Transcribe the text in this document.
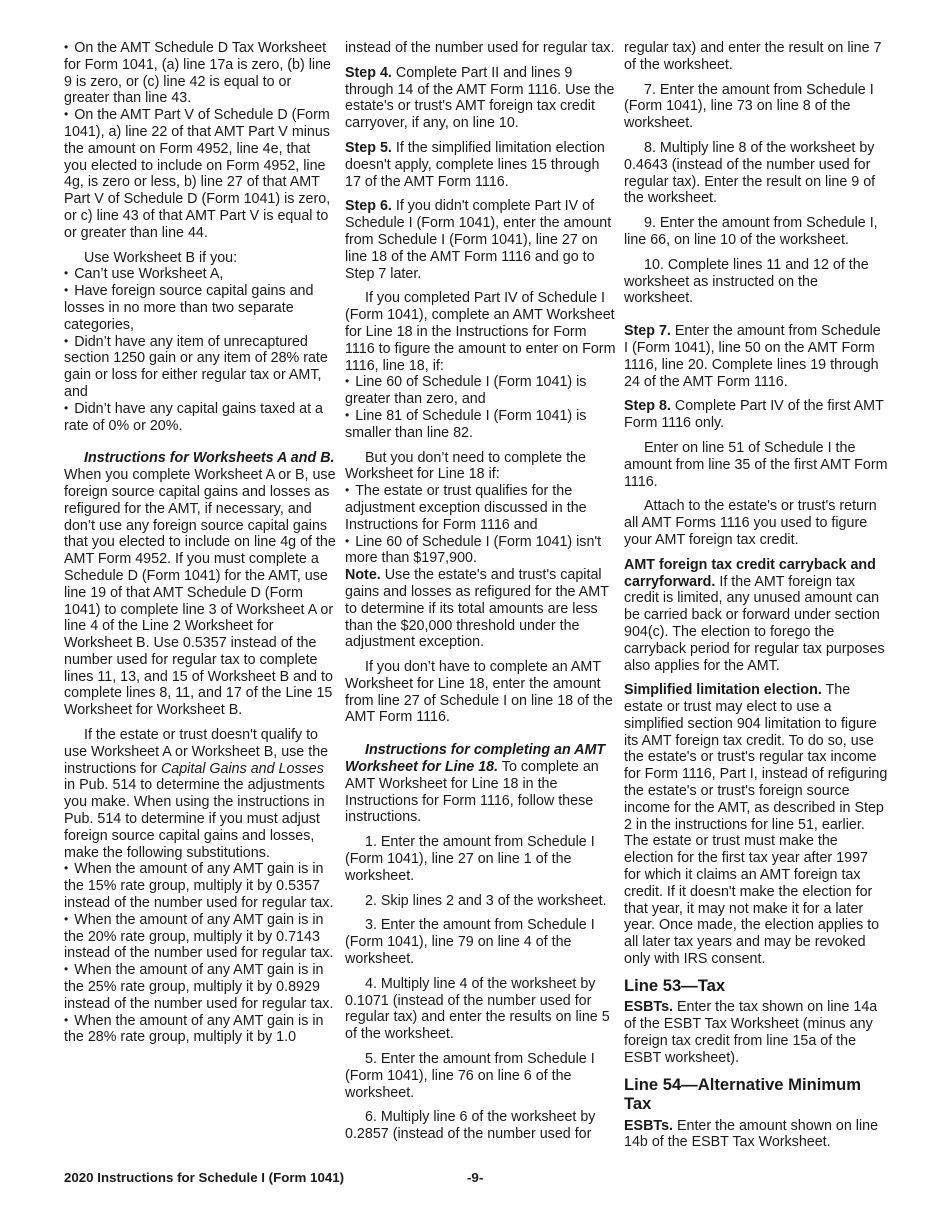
• On the AMT Schedule D Tax Worksheet for Form 1041, (a) line 17a is zero, (b) line 9 is zero, or (c) line 42 is equal to or greater than line 43.

• On the AMT Part V of Schedule D (Form 1041), a) line 22 of that AMT Part V minus the amount on Form 4952, line 4e, that you elected to include on Form 4952, line 4g, is zero or less, b) line 27 of that AMT Part V of Schedule D (Form 1041) is zero, or c) line 43 of that AMT Part V is equal to or greater than line 44.

Use Worksheet B if you:

• Can’t use Worksheet A,

• Have foreign source capital gains and losses in no more than two separate categories,

• Didn’t have any item of unrecaptured section 1250 gain or any item of 28% rate gain or loss for either regular tax or AMT, and

• Didn’t have any capital gains taxed at a rate of 0% or 20%.

Instructions for Worksheets A and B. When you complete Worksheet A or B, use foreign source capital gains and losses as refigured for the AMT, if necessary, and don’t use any foreign source capital gains that you elected to include on line 4g of the AMT Form 4952. If you must complete a Schedule D (Form 1041) for the AMT, use line 19 of that AMT Schedule D (Form 1041) to complete line 3 of Worksheet A or line 4 of the Line 2 Worksheet for Worksheet B. Use 0.5357 instead of the number used for regular tax to complete lines 11, 13, and 15 of Worksheet B and to complete lines 8, 11, and 17 of the Line 15 Worksheet for Worksheet B.

If the estate or trust doesn't qualify to use Worksheet A or Worksheet B, use the instructions for Capital Gains and Losses in Pub. 514 to determine the adjustments you make. When using the instructions in Pub. 514 to determine if you must adjust foreign source capital gains and losses, make the following substitutions.

• When the amount of any AMT gain is in the 15% rate group, multiply it by 0.5357 instead of the number used for regular tax.

• When the amount of any AMT gain is in the 20% rate group, multiply it by 0.7143 instead of the number used for regular tax.

• When the amount of any AMT gain is in the 25% rate group, multiply it by 0.8929 instead of the number used for regular tax.

• When the amount of any AMT gain is in the 28% rate group, multiply it by 1.0

instead of the number used for regular tax.

Step 4. Complete Part II and lines 9 through 14 of the AMT Form 1116. Use the estate's or trust's AMT foreign tax credit carryover, if any, on line 10.

Step 5. If the simplified limitation election doesn't apply, complete lines 15 through 17 of the AMT Form 1116.

Step 6. If you didn't complete Part IV of Schedule I (Form 1041), enter the amount from Schedule I (Form 1041), line 27 on line 18 of the AMT Form 1116 and go to Step 7 later.

If you completed Part IV of Schedule I (Form 1041), complete an AMT Worksheet for Line 18 in the Instructions for Form 1116 to figure the amount to enter on Form 1116, line 18, if:

• Line 60 of Schedule I (Form 1041) is greater than zero, and

• Line 81 of Schedule I (Form 1041) is smaller than line 82.

But you don’t need to complete the Worksheet for Line 18 if:

• The estate or trust qualifies for the adjustment exception discussed in the Instructions for Form 1116 and

• Line 60 of Schedule I (Form 1041) isn't more than $197,900.

Note. Use the estate's and trust's capital gains and losses as refigured for the AMT to determine if its total amounts are less than the $20,000 threshold under the adjustment exception.

If you don’t have to complete an AMT Worksheet for Line 18, enter the amount from line 27 of Schedule I on line 18 of the AMT Form 1116.

Instructions for completing an AMT Worksheet for Line 18. To complete an AMT Worksheet for Line 18 in the Instructions for Form 1116, follow these instructions.

1. Enter the amount from Schedule I (Form 1041), line 27 on line 1 of the worksheet.

2. Skip lines 2 and 3 of the worksheet.

3. Enter the amount from Schedule I (Form 1041), line 79 on line 4 of the worksheet.

4. Multiply line 4 of the worksheet by 0.1071 (instead of the number used for regular tax) and enter the results on line 5 of the worksheet.

5. Enter the amount from Schedule I (Form 1041), line 76 on line 6 of the worksheet.

6. Multiply line 6 of the worksheet by 0.2857 (instead of the number used for

regular tax) and enter the result on line 7 of the worksheet.

7. Enter the amount from Schedule I (Form 1041), line 73 on line 8 of the worksheet.

8. Multiply line 8 of the worksheet by 0.4643 (instead of the number used for regular tax). Enter the result on line 9 of the worksheet.

9. Enter the amount from Schedule I, line 66, on line 10 of the worksheet.

10. Complete lines 11 and 12 of the worksheet as instructed on the worksheet.

Step 7. Enter the amount from Schedule I (Form 1041), line 50 on the AMT Form 1116, line 20. Complete lines 19 through 24 of the AMT Form 1116.

Step 8. Complete Part IV of the first AMT Form 1116 only.

Enter on line 51 of Schedule I the amount from line 35 of the first AMT Form 1116.

Attach to the estate's or trust's return all AMT Forms 1116 you used to figure your AMT foreign tax credit.

AMT foreign tax credit carryback and carryforward. If the AMT foreign tax credit is limited, any unused amount can be carried back or forward under section 904(c). The election to forego the carryback period for regular tax purposes also applies for the AMT.

Simplified limitation election. The estate or trust may elect to use a simplified section 904 limitation to figure its AMT foreign tax credit. To do so, use the estate's or trust's regular tax income for Form 1116, Part I, instead of refiguring the estate's or trust's foreign source income for the AMT, as described in Step 2 in the instructions for line 51, earlier. The estate or trust must make the election for the first tax year after 1997 for which it claims an AMT foreign tax credit. If it doesn't make the election for that year, it may not make it for a later year. Once made, the election applies to all later tax years and may be revoked only with IRS consent.

Line 53—Tax

ESBTs. Enter the tax shown on line 14a of the ESBT Tax Worksheet (minus any foreign tax credit from line 15a of the ESBT worksheet).

Line 54—Alternative Minimum Tax

ESBTs. Enter the amount shown on line 14b of the ESBT Tax Worksheet.

2020 Instructions for Schedule I (Form 1041)	-9-
